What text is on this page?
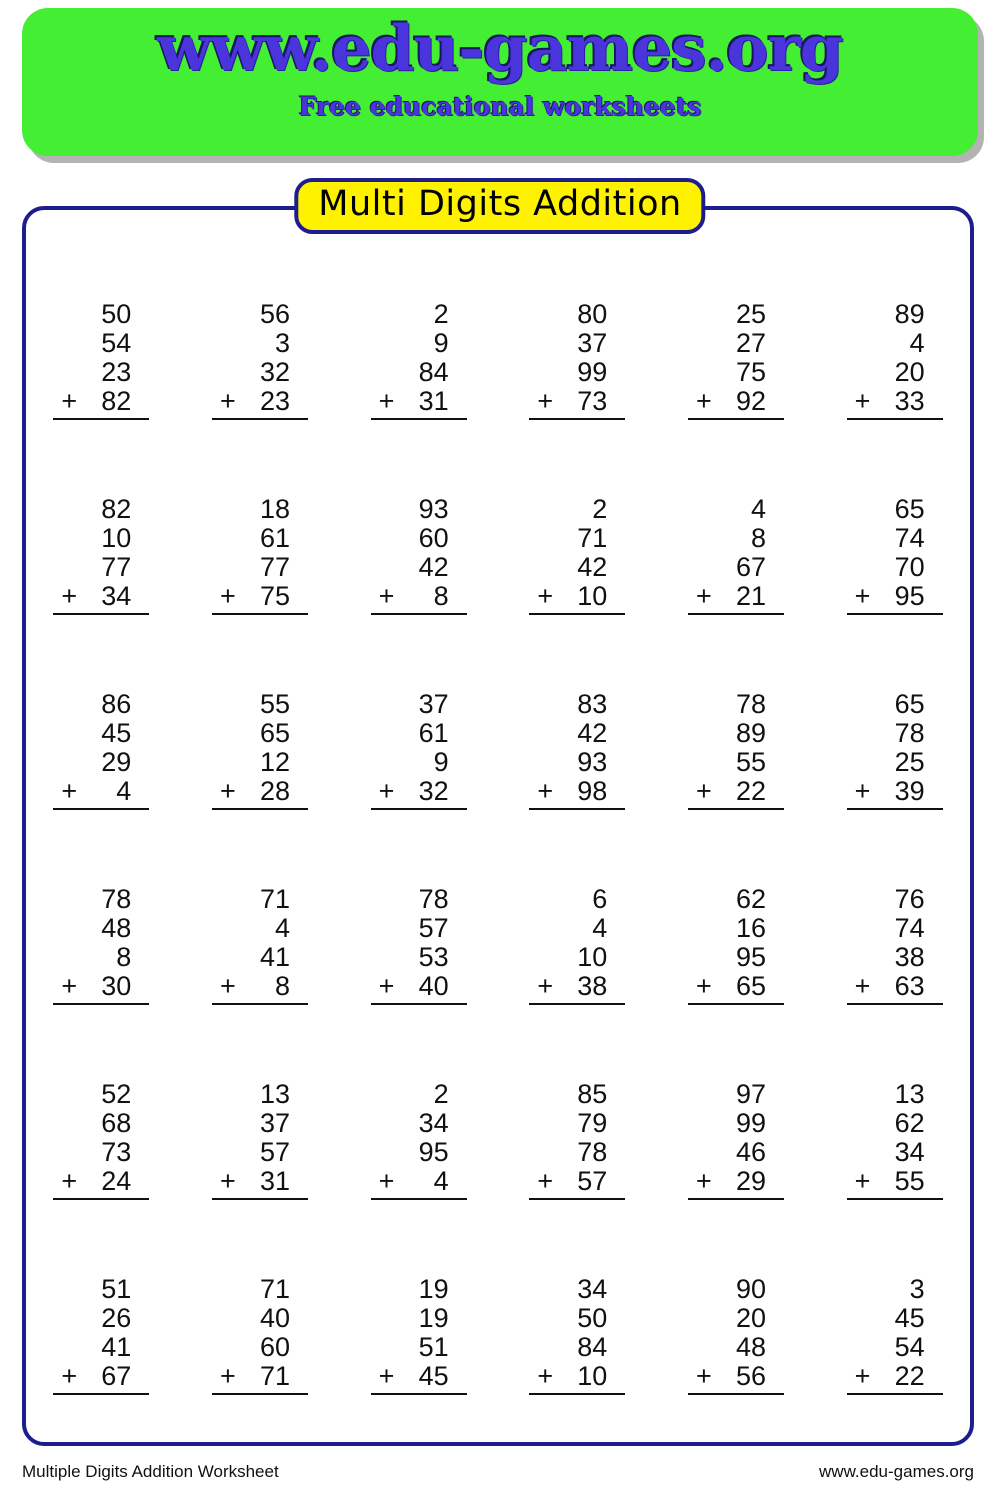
www.edu-games.org
Free educational worksheets
Multi Digits Addition
50
54
23
+ 82
56
3
32
+ 23
2
9
84
+ 31
80
37
99
+ 73
25
27
75
+ 92
89
4
20
+ 33
82
10
77
+ 34
18
61
77
+ 75
93
60
42
+ 8
2
71
42
+ 10
4
8
67
+ 21
65
74
70
+ 95
86
45
29
+ 4
55
65
12
+ 28
37
61
9
+ 32
83
42
93
+ 98
78
89
55
+ 22
65
78
25
+ 39
78
48
8
+ 30
71
4
41
+ 8
78
57
53
+ 40
6
4
10
+ 38
62
16
95
+ 65
76
74
38
+ 63
52
68
73
+ 24
13
37
57
+ 31
2
34
95
+ 4
85
79
78
+ 57
97
99
46
+ 29
13
62
34
+ 55
51
26
41
+ 67
71
40
60
+ 71
19
19
51
+ 45
34
50
84
+ 10
90
20
48
+ 56
3
45
54
+ 22
Multiple Digits Addition Worksheet	www.edu-games.org
